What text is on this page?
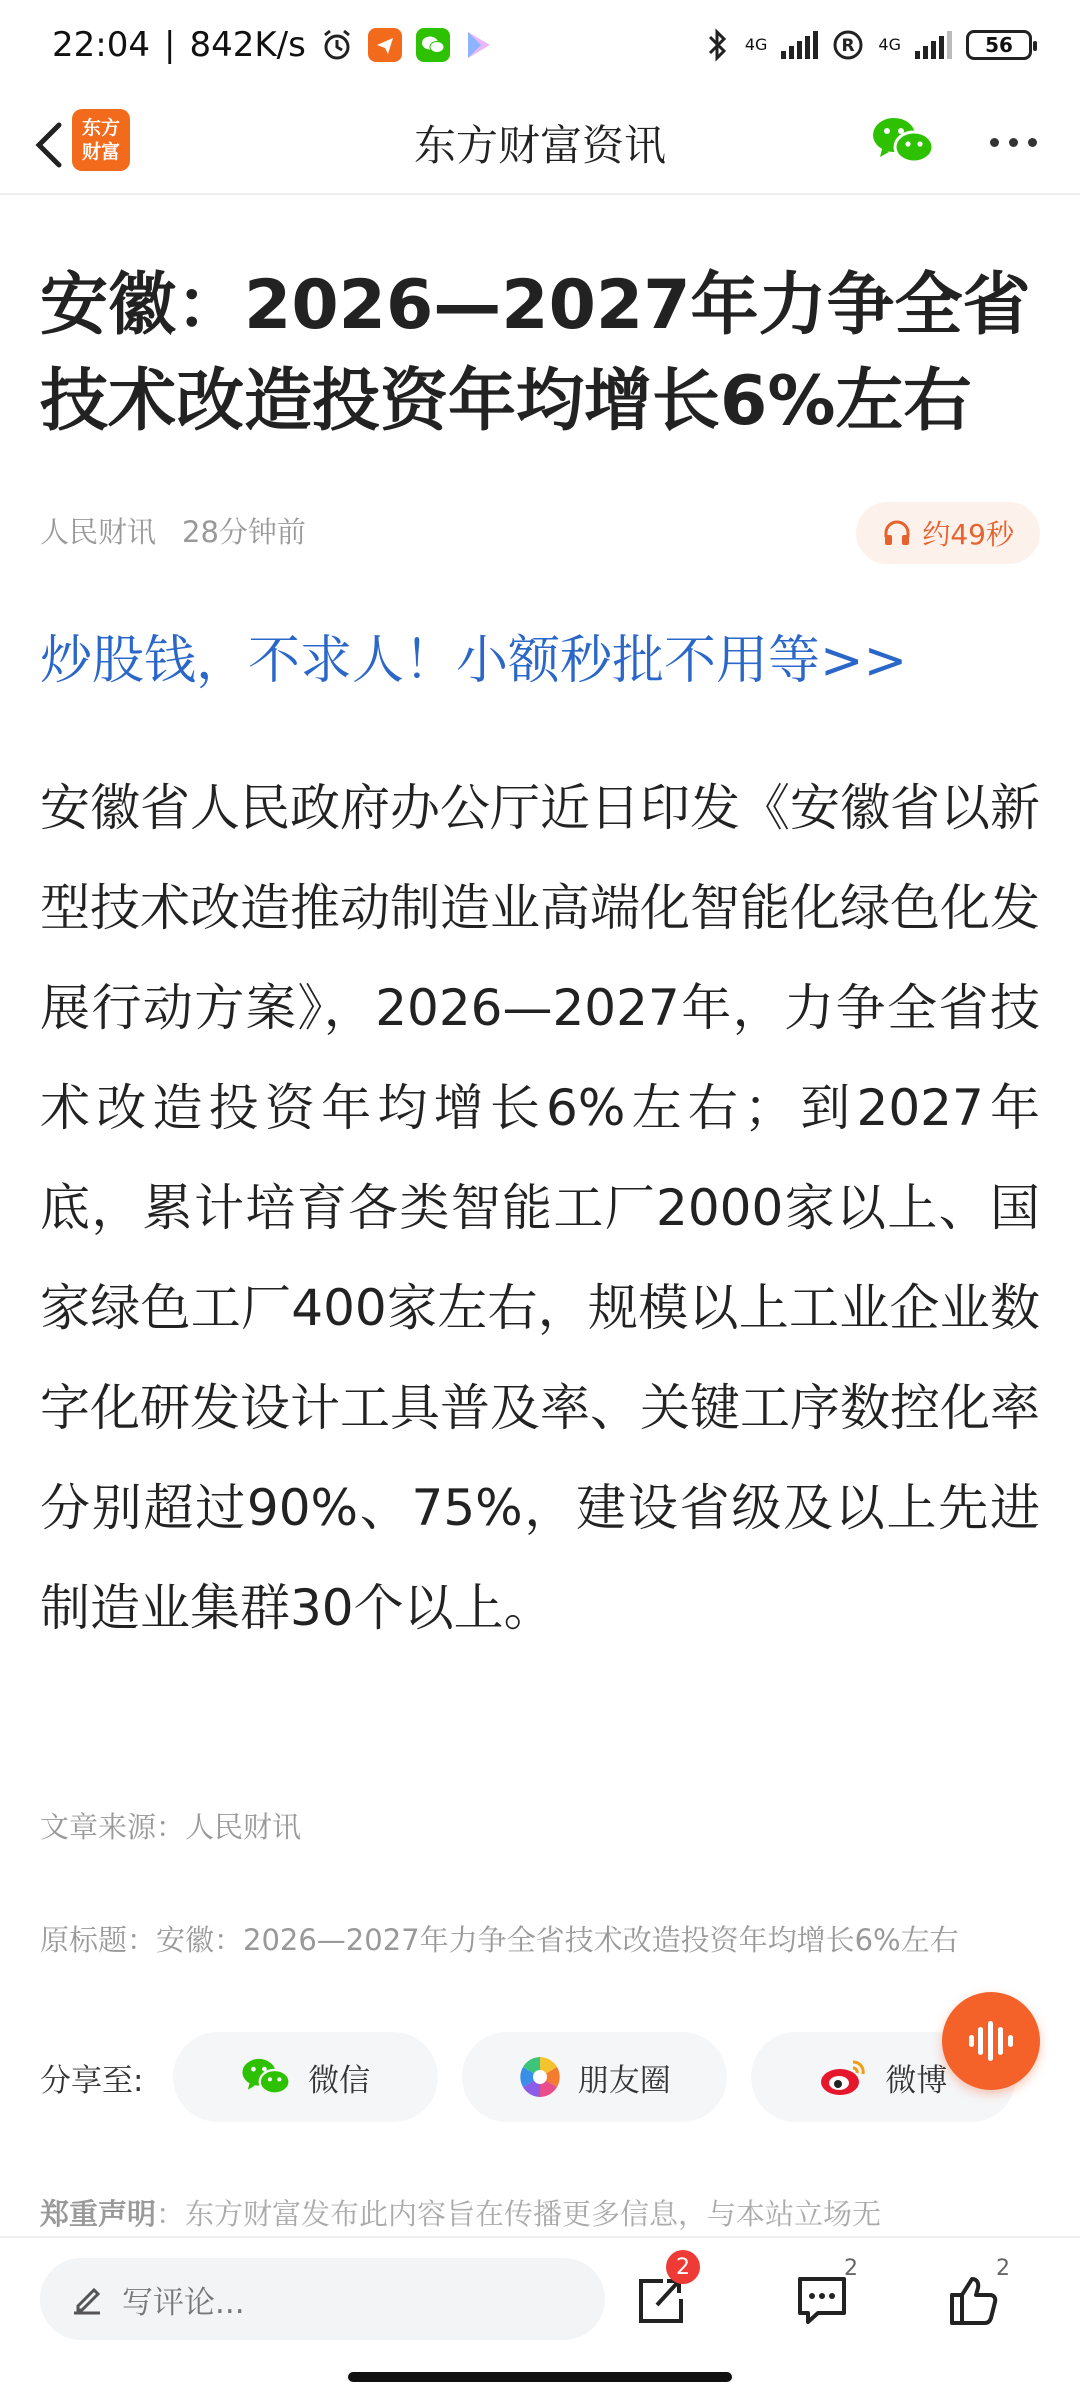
22:04 | 842K/s	4G	R 4G	56
东方
财富	东方财富资讯
安徽：2026—2027年力争全省技术改造投资年均增长6%左右
人民财讯 28分钟前	约49秒
炒股钱，不求人！小额秒批不用等>>

安徽省人民政府办公厅近日印发《安徽省以新型技术改造推动制造业高端化智能化绿色化发展行动方案》，2026—2027年，力争全省技术改造投资年均增长6%左右；到2027年底，累计培育各类智能工厂2000家以上、国家绿色工厂400家左右，规模以上工业企业数字化研发设计工具普及率、关键工序数控化率分别超过90%、75%，建设省级及以上先进制造业集群30个以上。

文章来源：人民财讯
原标题：安徽：2026—2027年力争全省技术改造投资年均增长6%左右
分享至:	微信	朋友圈	微博
郑重声明：东方财富发布此内容旨在传播更多信息，与本站立场无
写评论...
2	2	2
